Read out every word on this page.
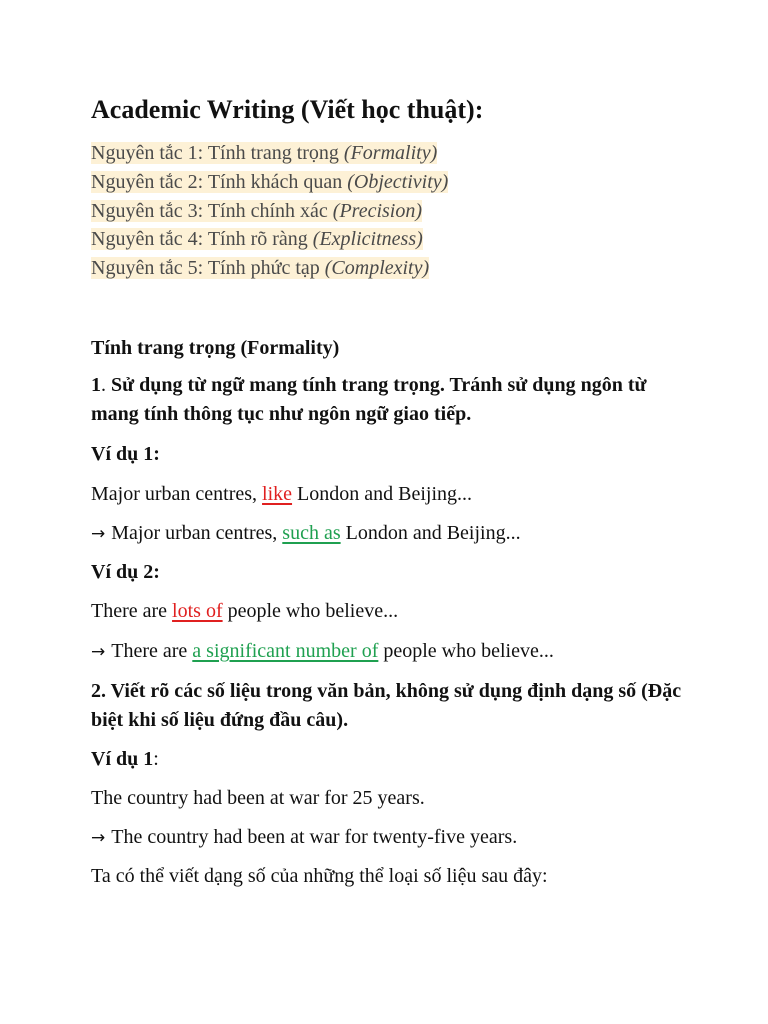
Academic Writing (Viết học thuật):
Nguyên tắc 1: Tính trang trọng (Formality)
Nguyên tắc 2: Tính khách quan (Objectivity)
Nguyên tắc 3: Tính chính xác (Precision)
Nguyên tắc 4: Tính rõ ràng (Explicitness)
Nguyên tắc 5: Tính phức tạp (Complexity)
Tính trang trọng (Formality)
1. Sử dụng từ ngữ mang tính trang trọng. Tránh sử dụng ngôn từ mang tính thông tục như ngôn ngữ giao tiếp.
Ví dụ 1:
Major urban centres, like London and Beijing...
→ Major urban centres, such as London and Beijing...
Ví dụ 2:
There are lots of people who believe...
→ There are a significant number of people who believe...
2. Viết rõ các số liệu trong văn bản, không sử dụng định dạng số (Đặc biệt khi số liệu đứng đầu câu).
Ví dụ 1:
The country had been at war for 25 years.
→ The country had been at war for twenty-five years.
Ta có thể viết dạng số của những thể loại số liệu sau đây:
